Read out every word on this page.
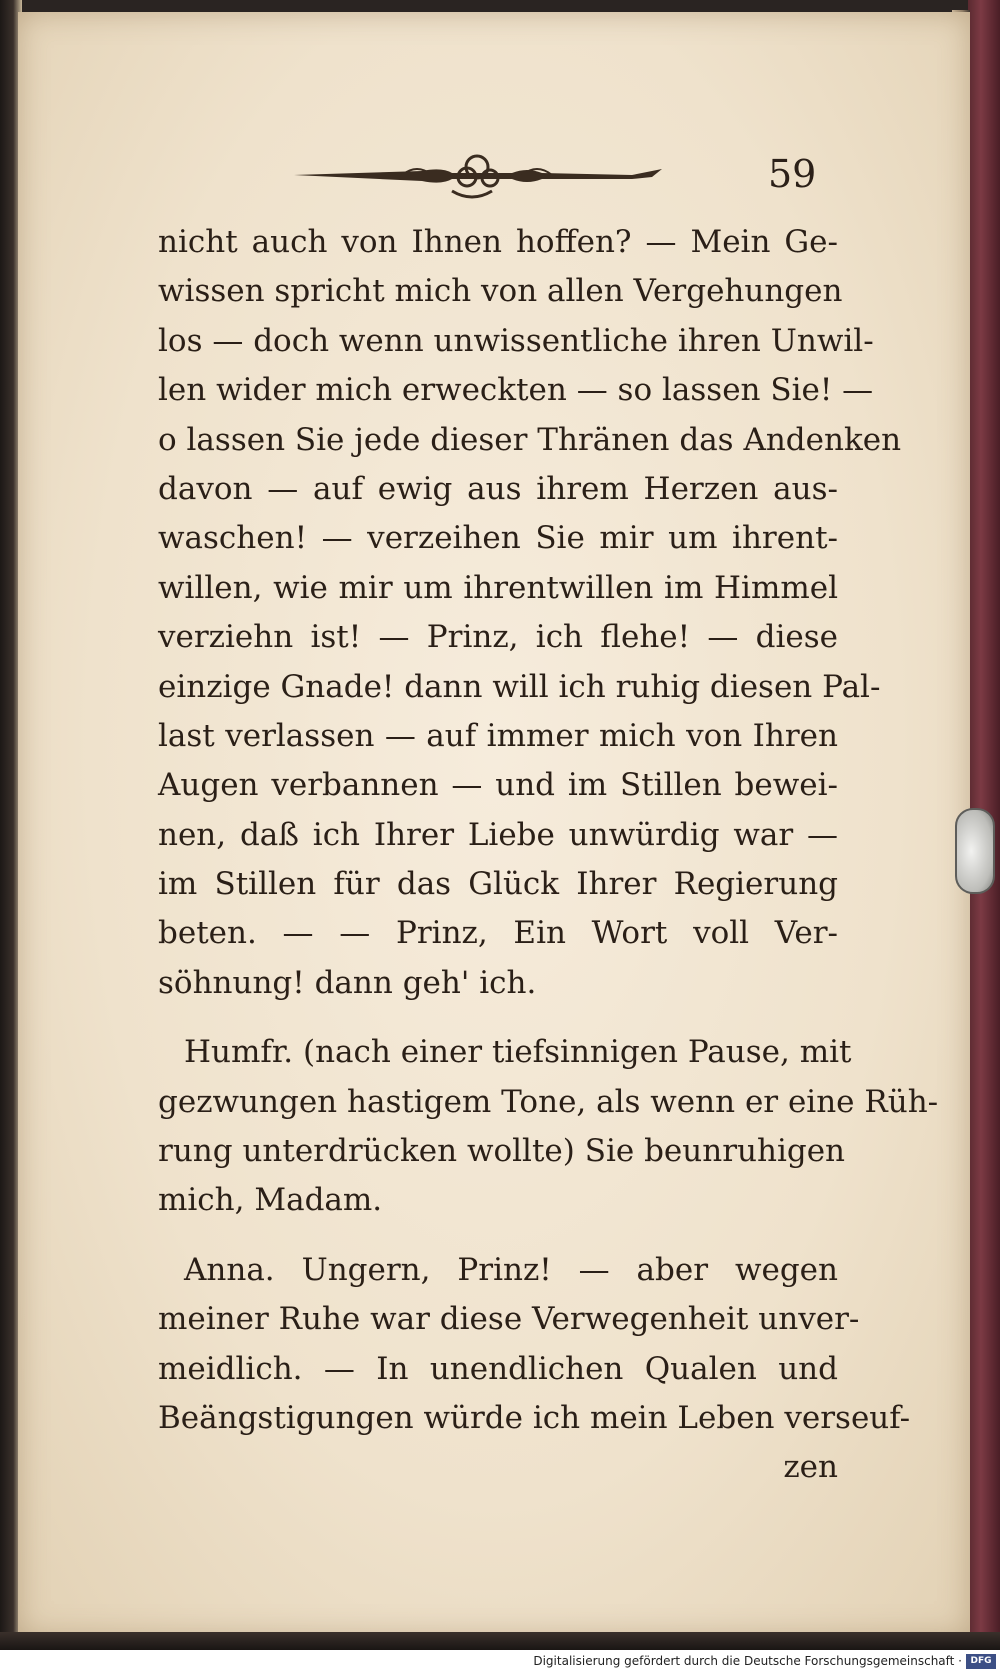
59
nicht auch von Ihnen hoffen? — Mein Ge-
wissen spricht mich von allen Vergehungen
los — doch wenn unwissentliche ihren Unwil-
len wider mich erweckten — so lassen Sie! —
o lassen Sie jede dieser Thränen das Andenken
davon — auf ewig aus ihrem Herzen aus-
waschen! — verzeihen Sie mir um ihrent-
willen, wie mir um ihrentwillen im Himmel
verziehn ist! — Prinz, ich flehe! — diese
einzige Gnade! dann will ich ruhig diesen Pal-
last verlassen — auf immer mich von Ihren
Augen verbannen — und im Stillen bewei-
nen, daß ich Ihrer Liebe unwürdig war —
im Stillen für das Glück Ihrer Regierung
beten. — — Prinz, Ein Wort voll Ver-
söhnung! dann geh' ich.
Humfr. (nach einer tiefsinnigen Pause, mit
gezwungen hastigem Tone, als wenn er eine Rüh-
rung unterdrücken wollte) Sie beunruhigen
mich, Madam.
Anna. Ungern, Prinz! — aber wegen
meiner Ruhe war diese Verwegenheit unver-
meidlich. — In unendlichen Qualen und
Beängstigungen würde ich mein Leben verseuf-
zen
Digitalisierung gefördert durch die Deutsche Forschungsgemeinschaft · DFG
